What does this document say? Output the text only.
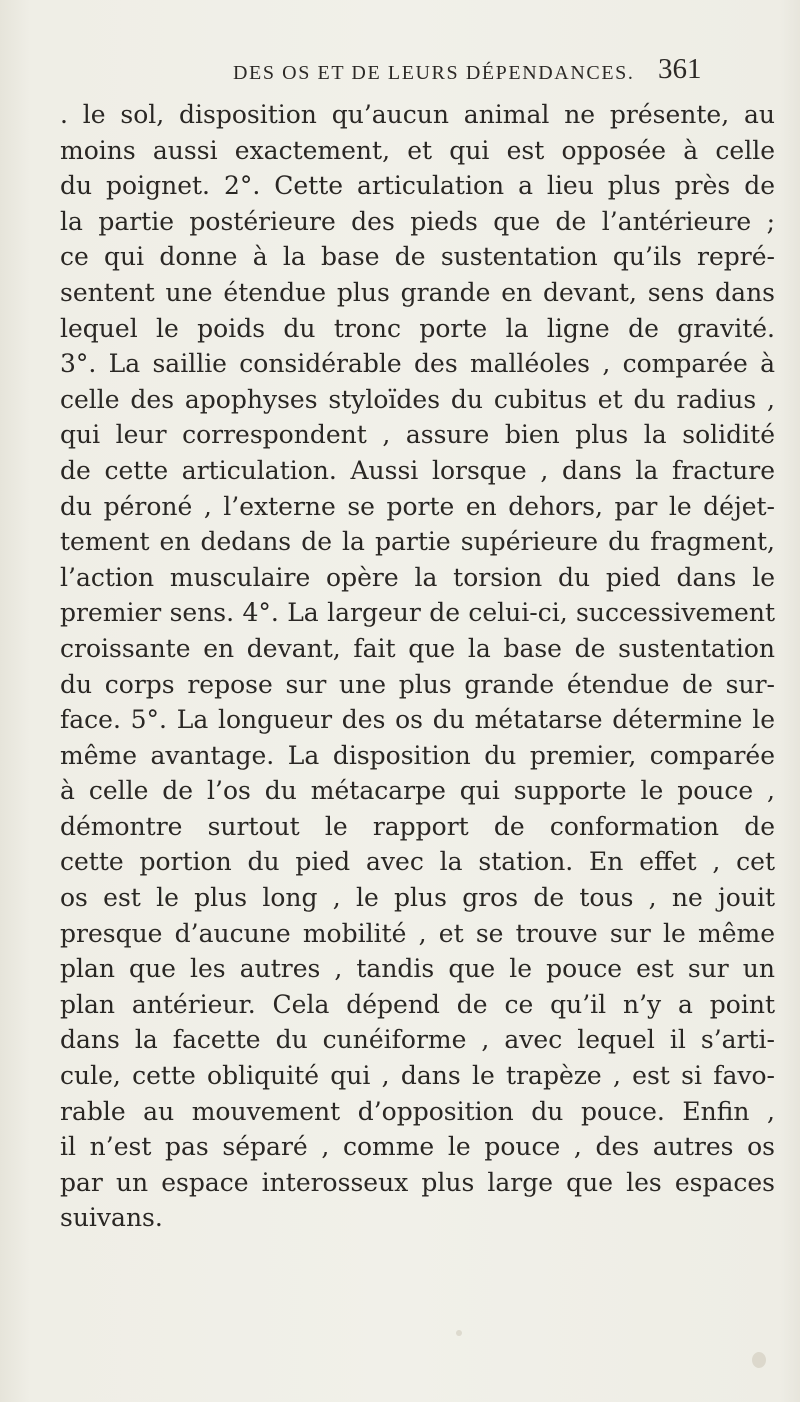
DES OS ET DE LEURS DÉPENDANCES. 361
. le sol, disposition qu’aucun animal ne présente, au
moins aussi exactement, et qui est opposée à celle
du poignet. 2°. Cette articulation a lieu plus près de
la partie postérieure des pieds que de l’antérieure ;
ce qui donne à la base de sustentation qu’ils repré-
sentent une étendue plus grande en devant, sens dans
lequel le poids du tronc porte la ligne de gravité.
3°. La saillie considérable des malléoles , comparée à
celle des apophyses styloïdes du cubitus et du radius ,
qui leur correspondent , assure bien plus la solidité
de cette articulation. Aussi lorsque , dans la fracture
du péroné , l’externe se porte en dehors, par le déjet-
tement en dedans de la partie supérieure du fragment,
l’action musculaire opère la torsion du pied dans le
premier sens. 4°. La largeur de celui-ci, successivement
croissante en devant, fait que la base de sustentation
du corps repose sur une plus grande étendue de sur-
face. 5°. La longueur des os du métatarse détermine le
même avantage. La disposition du premier, comparée
à celle de l’os du métacarpe qui supporte le pouce ,
démontre surtout le rapport de conformation de
cette portion du pied avec la station. En effet , cet
os est le plus long , le plus gros de tous , ne jouit
presque d’aucune mobilité , et se trouve sur le même
plan que les autres , tandis que le pouce est sur un
plan antérieur. Cela dépend de ce qu’il n’y a point
dans la facette du cunéiforme , avec lequel il s’arti-
cule, cette obliquité qui , dans le trapèze , est si favo-
rable au mouvement d’opposition du pouce. Enfin ,
il n’est pas séparé , comme le pouce , des autres os
par un espace interosseux plus large que les espaces
suivans.
